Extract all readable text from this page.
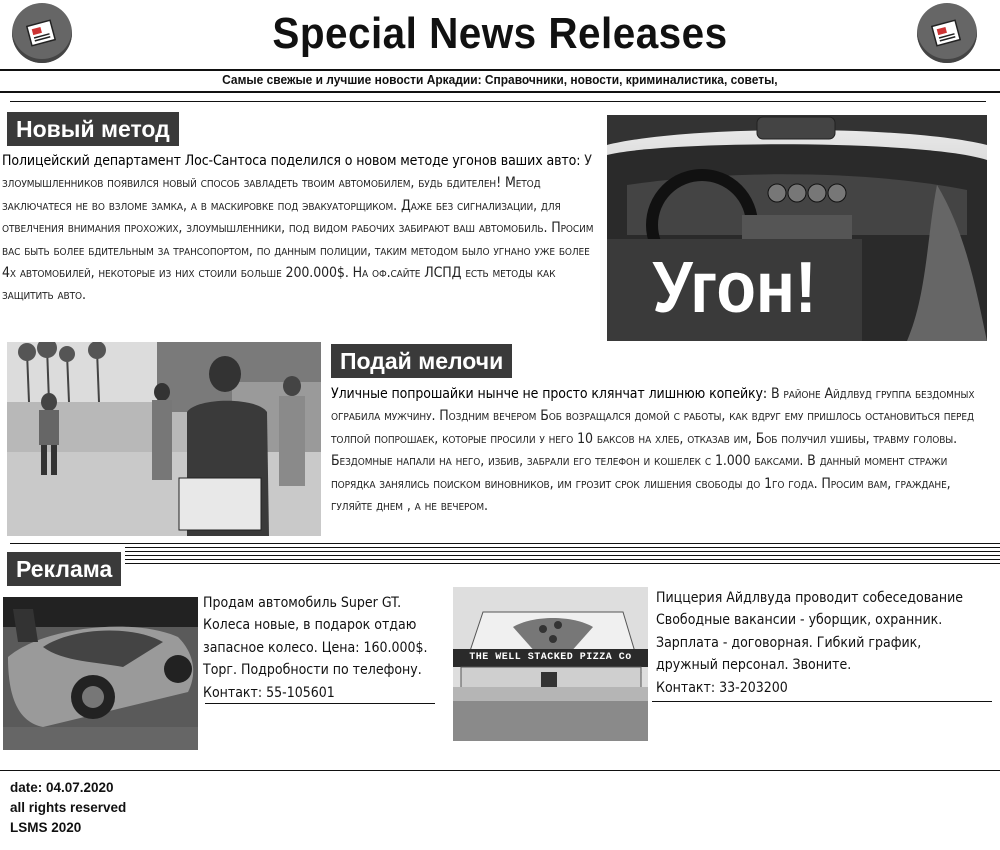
Special News Releases
Самые свежые и лучшие новости Аркадии: Справочники, новости, криминалистика, советы,
Новый метод
Полицейский департамент Лос-Сантоса поделился о новом методе угонов ваших авто: У злоумышленников появился новый способ завладеть твоим автомобилем, будь бдителен! Метод заключатеся не во взломе замка, а в маскировке под эвакуаторщиком. Даже без сигнализации, для отвелчения внимания прохожих, злоумышленники, под видом рабочих забирают ваш автомобиль. Просим вас быть более бдительным за трансопортом, по данным полиции, таким методом было угнано уже более 4х автомобилей, некоторые из них стоили больше 200.000$. На оф.сайте ЛСПД есть методы как защитить авто.	Угон!
Подай мелочи
Уличные попрошайки нынче не просто клянчат лишнюю копейку: В районе Айдлвуд группа бездомных ограбила мужчину. Поздним вечером Боб возрaщался домой с работы, как вдруг ему пришлось остановиться перед толпой попрошаек, которые просили у него 10 баксов на хлеб, отказав им, Боб получил ушибы, травму головы. Бездомные напали на него, избив, забрали его телефон и кошелек с 1.000 баксами. В данный момент стражи порядка занялись поиском виновников, им грозит срок лишения свободы до 1го года. Просим вам, граждане, гуляйте днем , а не вечером.
Реклама
Продам автомобиль Super GT.
Колеса новые, в подарок отдаю
запасное колесо. Цена: 160.000$.
Торг. Подробности по телефону.
Контакт: 55-105601
THE WELL STACKED PIZZA Co
Пиццерия Айдлвуда проводит собеседование
Свободные вакансии - уборщик, охранник.
Зарплата - договорная. Гибкий график,
дружный персонал. Звоните.
Контакт: 33-203200
date: 04.07.2020
all rights reserved
LSMS 2020
